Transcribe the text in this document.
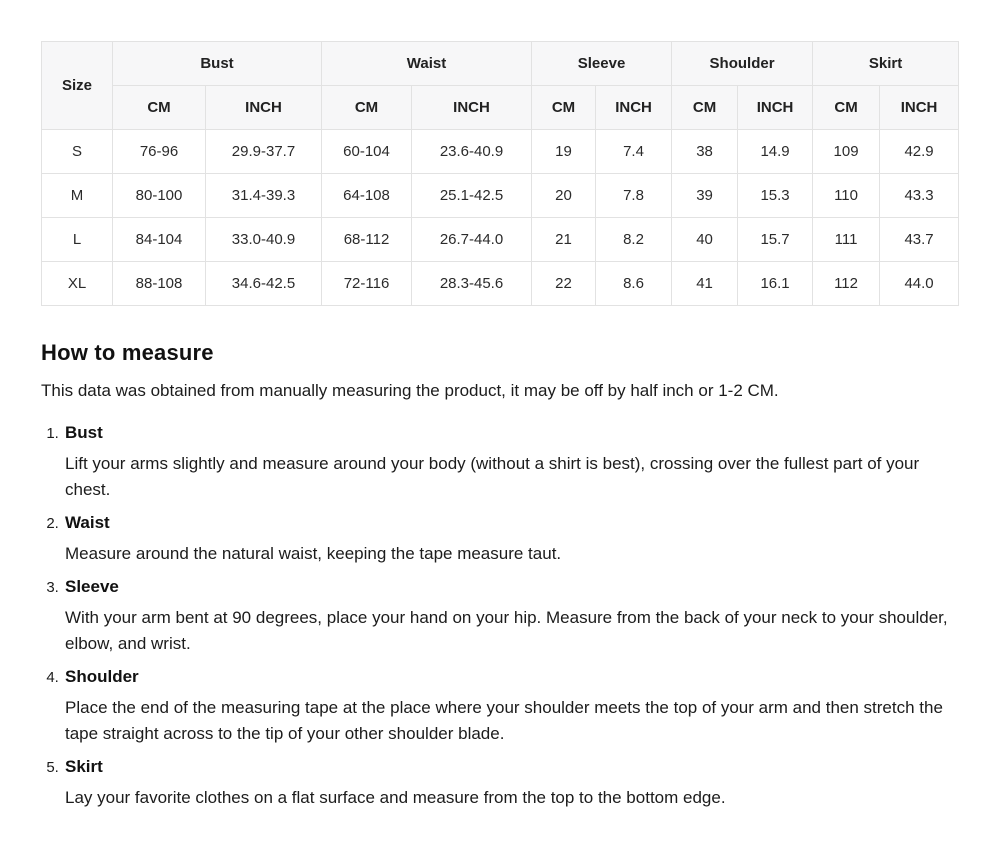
Size	Bust		Waist		Sleeve		Shoulder		Skirt	
	CM	INCH	CM	INCH	CM	INCH	CM	INCH	CM	INCH
S	76-96	29.9-37.7	60-104	23.6-40.9	19	7.4	38	14.9	109	42.9
M	80-100	31.4-39.3	64-108	25.1-42.5	20	7.8	39	15.3	110	43.3
L	84-104	33.0-40.9	68-112	26.7-44.0	21	8.2	40	15.7	111	43.7
XL	88-108	34.6-42.5	72-116	28.3-45.6	22	8.6	41	16.1	112	44.0
How to measure

This data was obtained from manually measuring the product, it may be off by half inch or 1-2 CM.

1. Bust

Lift your arms slightly and measure around your body (without a shirt is best), crossing over the fullest part of your chest.

2. Waist

Measure around the natural waist, keeping the tape measure taut.

3. Sleeve

With your arm bent at 90 degrees, place your hand on your hip. Measure from the back of your neck to your shoulder, elbow, and wrist.

4. Shoulder

Place the end of the measuring tape at the place where your shoulder meets the top of your arm and then stretch the tape straight across to the tip of your other shoulder blade.

5. Skirt

Lay your favorite clothes on a flat surface and measure from the top to the bottom edge.
